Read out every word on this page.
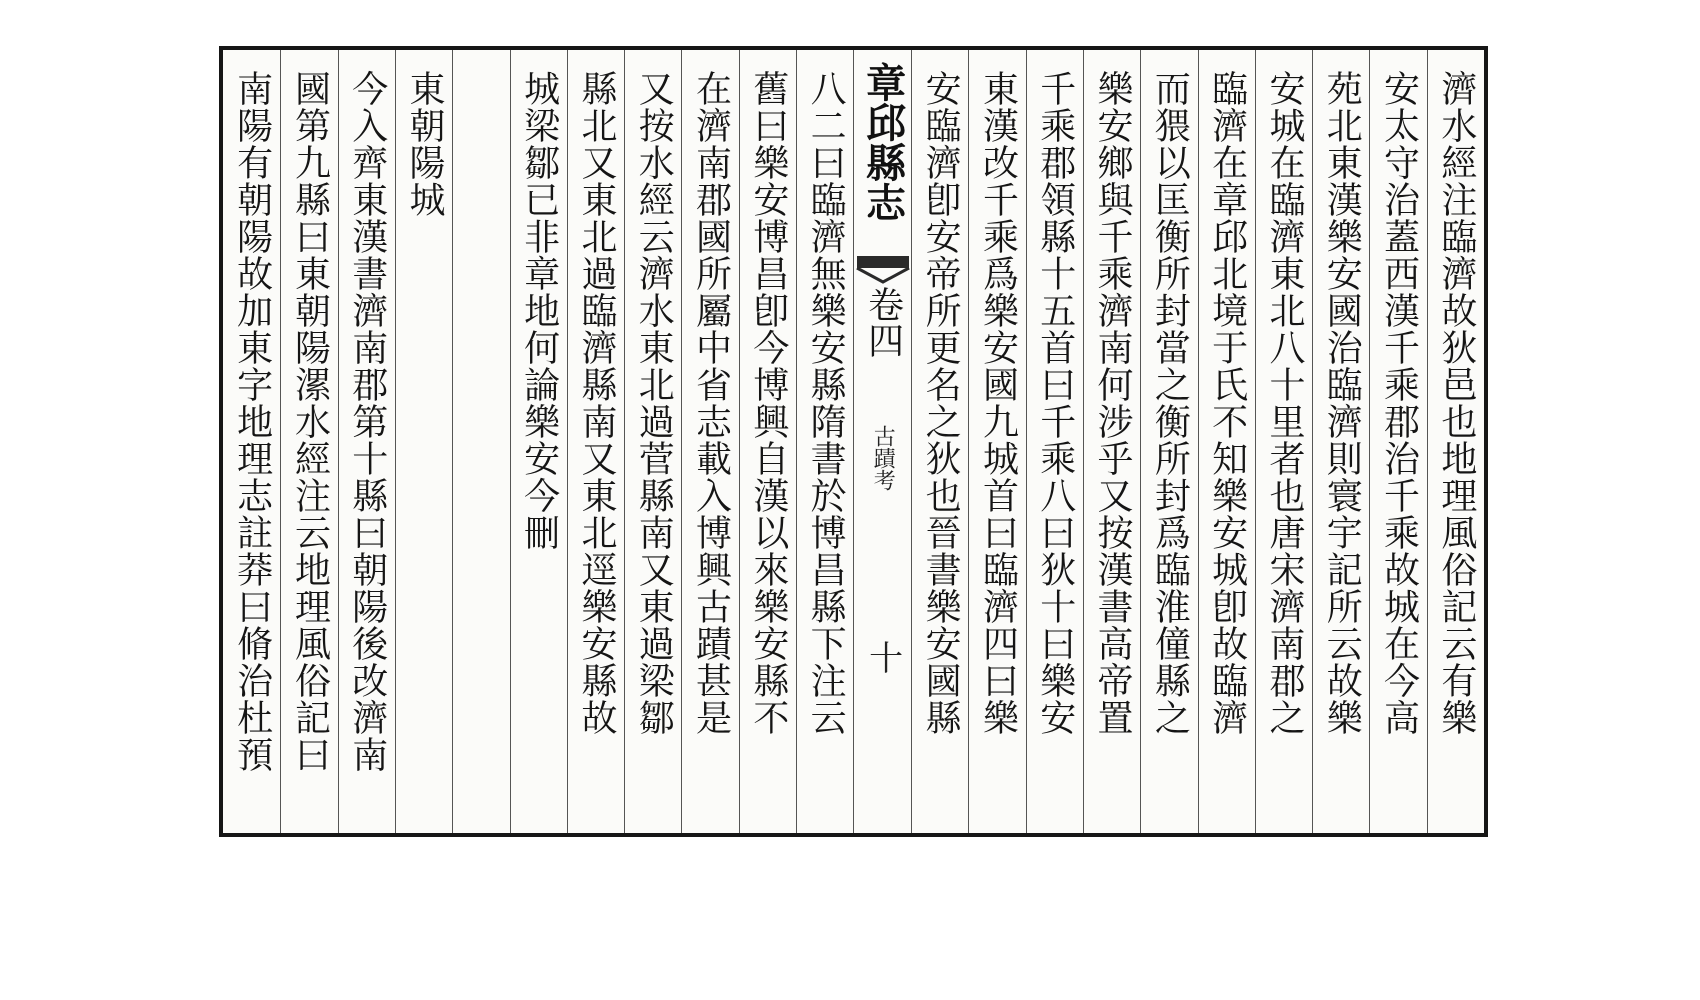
南陽有朝陽故加東字地理志註莽曰脩治杜預 國第九縣曰東朝陽漯水經注云地理風俗記曰 今入齊東漢書濟南郡第十縣曰朝陽後改濟南 東朝陽城 城梁鄒已非章地何論樂安今刪 縣北又東北過臨濟縣南又東北逕樂安縣故 又按水經云濟水東北過菅縣南又東過梁鄒 在濟南郡國所屬中省志載入博興古蹟甚是 舊曰樂安博昌卽今博興自漢以來樂安縣不 八二曰臨濟無樂安縣隋書於博昌縣下注云 章邱縣志
卷四
古蹟考
十 安臨濟卽安帝所更名之狄也晉書樂安國縣 東漢改千乘爲樂安國九城首曰臨濟四曰樂 千乘郡領縣十五首曰千乘八曰狄十曰樂安 樂安鄉與千乘濟南何涉乎又按漢書高帝置 而猥以匡衡所封當之衡所封爲臨淮僮縣之 臨濟在章邱北境于氏不知樂安城卽故臨濟 安城在臨濟東北八十里者也唐宋濟南郡之 苑北東漢樂安國治臨濟則寰宇記所云故樂 安太守治蓋西漢千乘郡治千乘故城在今高 濟水經注臨濟故狄邑也地理風俗記云有樂
